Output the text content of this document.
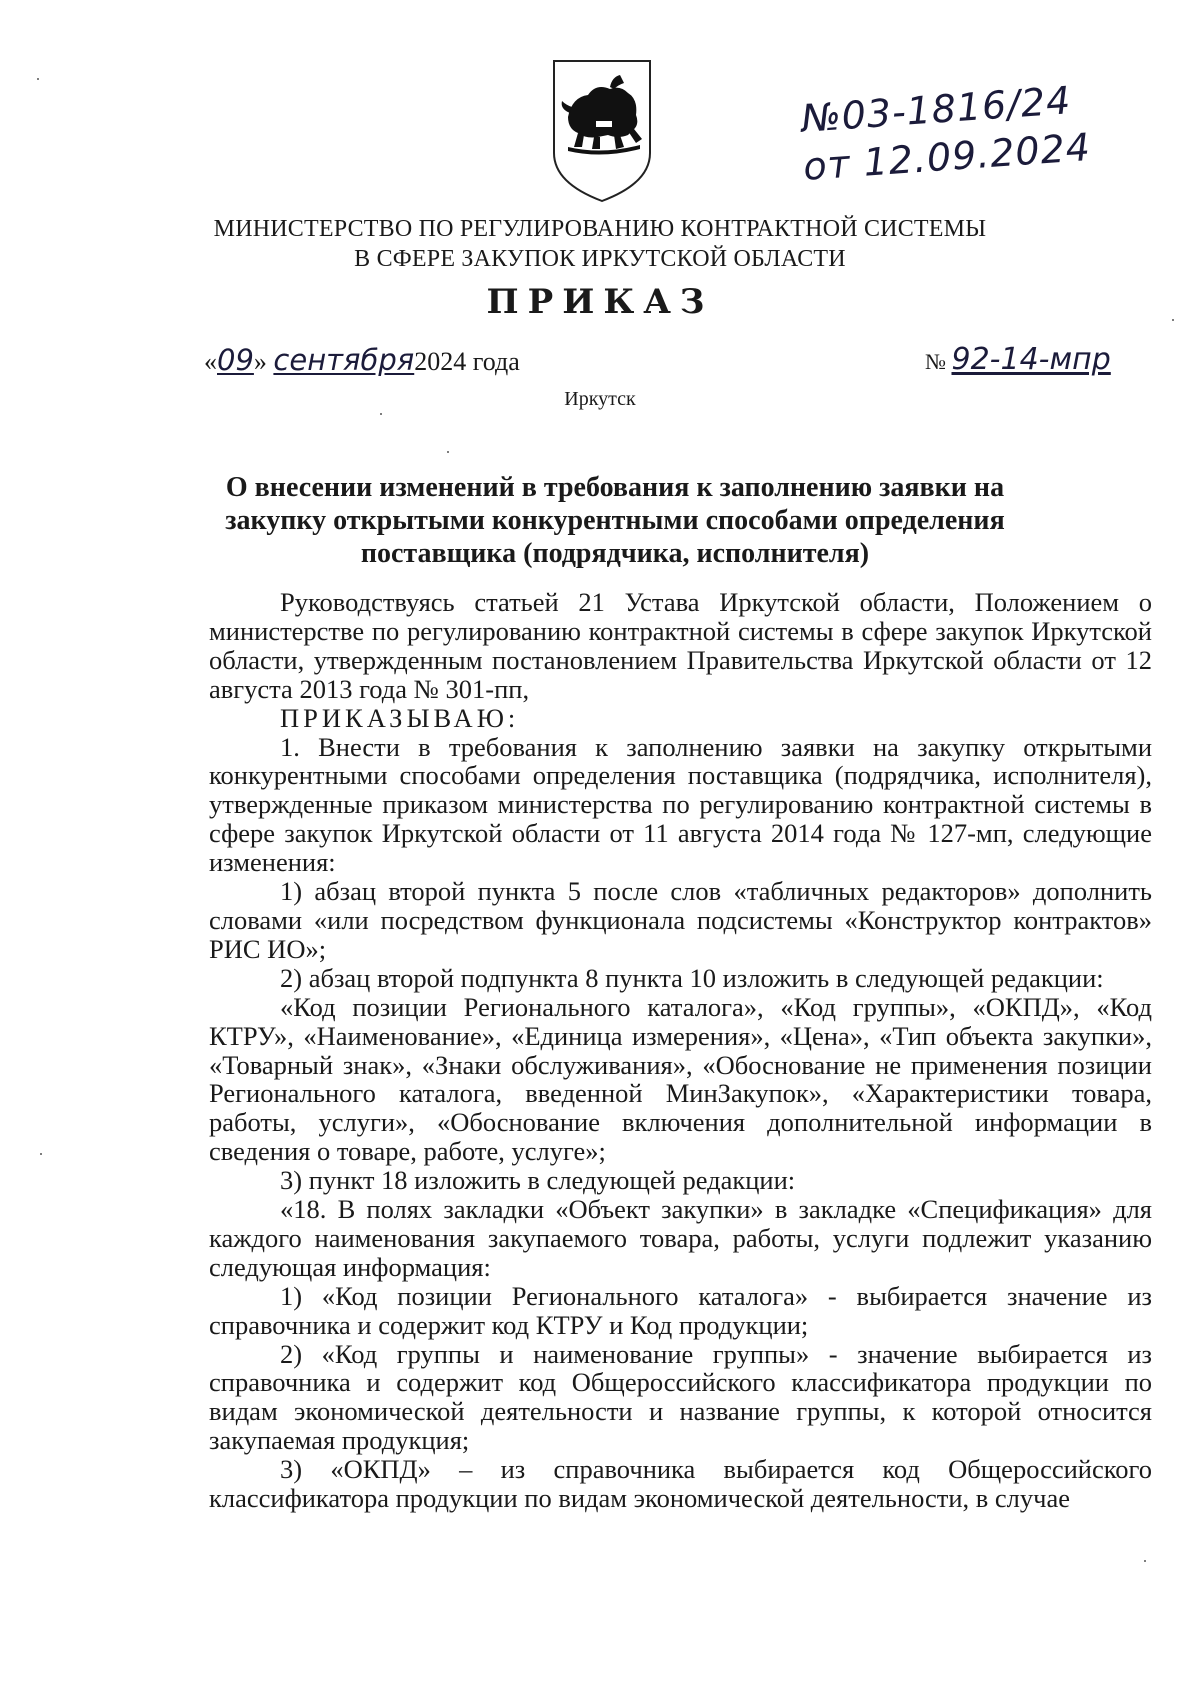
№03-1816/24
от 12.09.2024
МИНИСТЕРСТВО ПО РЕГУЛИРОВАНИЮ КОНТРАКТНОЙ СИСТЕМЫ
В СФЕРЕ ЗАКУПОК ИРКУТСКОЙ ОБЛАСТИ
ПРИКАЗ
«09» сентября2024 года	№ 92-14-мпр
Иркутск
О внесении изменений в требования к заполнению заявки на закупку открытыми конкурентными способами определения поставщика (подрядчика, исполнителя)

Руководствуясь статьей 21 Устава Иркутской области, Положением о министерстве по регулированию контрактной системы в сфере закупок Иркутской области, утвержденным постановлением Правительства Иркутской области от 12 августа 2013 года № 301-пп,

ПРИКАЗЫВАЮ:

1. Внести в требования к заполнению заявки на закупку открытыми конкурентными способами определения поставщика (подрядчика, исполнителя), утвержденные приказом министерства по регулированию контрактной системы в сфере закупок Иркутской области от 11 августа 2014 года № 127-мп, следующие изменения:

1) абзац второй пункта 5 после слов «табличных редакторов» дополнить словами «или посредством функционала подсистемы «Конструктор контрактов» РИС ИО»;

2) абзац второй подпункта 8 пункта 10 изложить в следующей редакции:

«Код позиции Регионального каталога», «Код группы», «ОКПД», «Код КТРУ», «Наименование», «Единица измерения», «Цена», «Тип объекта закупки», «Товарный знак», «Знаки обслуживания», «Обоснование не применения позиции Регионального каталога, введенной МинЗакупок», «Характеристики товара, работы, услуги», «Обоснование включения дополнительной информации в сведения о товаре, работе, услуге»;

3) пункт 18 изложить в следующей редакции:

«18. В полях закладки «Объект закупки» в закладке «Спецификация» для каждого наименования закупаемого товара, работы, услуги подлежит указанию следующая информация:

1) «Код позиции Регионального каталога» - выбирается значение из справочника и содержит код КТРУ и Код продукции;

2) «Код группы и наименование группы» - значение выбирается из справочника и содержит код Общероссийского классификатора продукции по видам экономической деятельности и название группы, к которой относится закупаемая продукция;

3) «ОКПД» – из справочника выбирается код Общероссийского классификатора продукции по видам экономической деятельности, в случае
